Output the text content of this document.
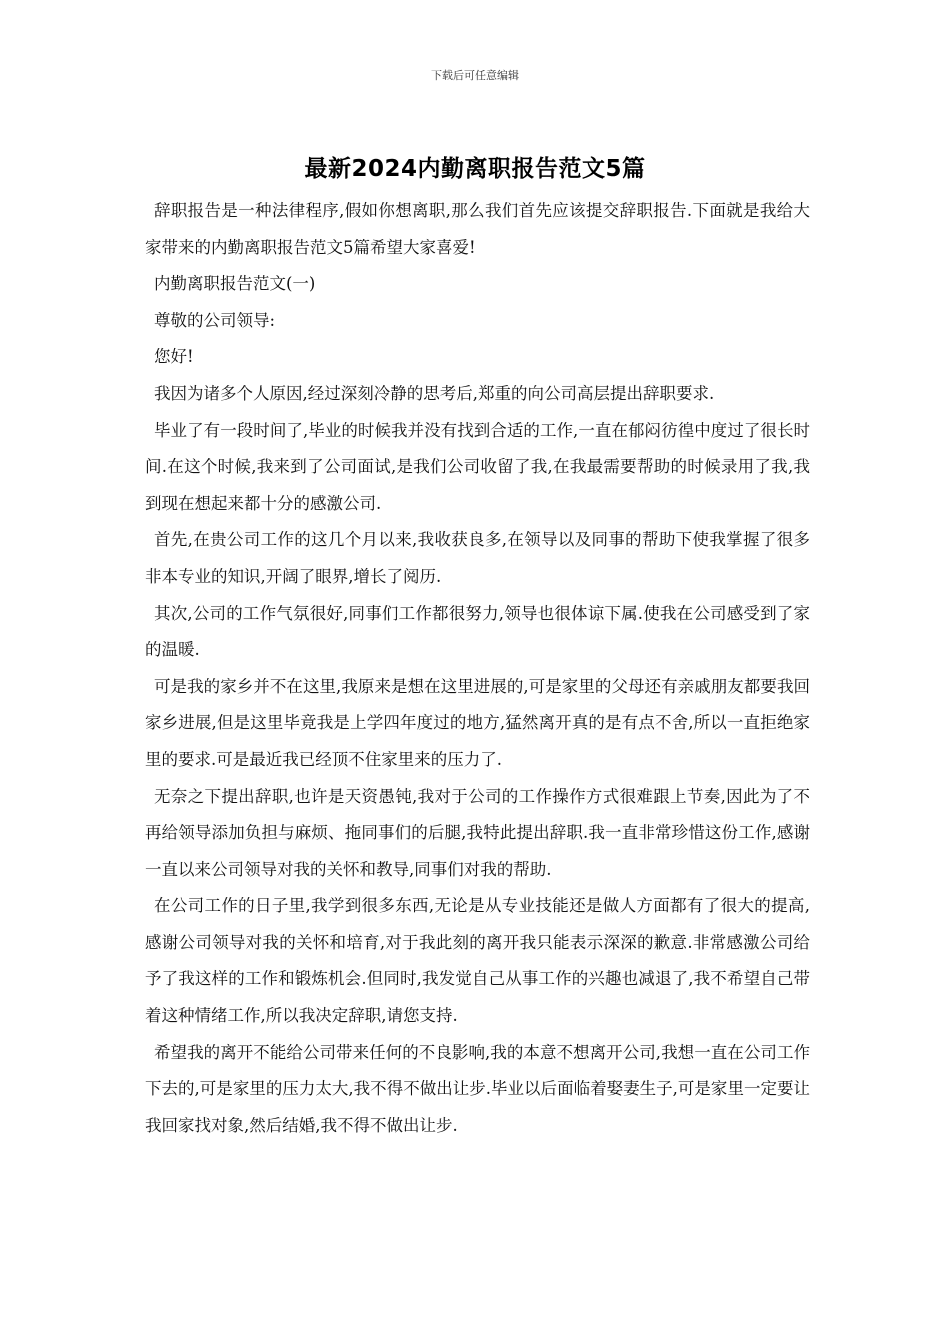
下载后可任意编辑
最新2024内勤离职报告范文5篇

辞职报告是一种法律程序,假如你想离职,那么我们首先应该提交辞职报告.下面就是我给大家带来的内勤离职报告范文5篇希望大家喜爱!

内勤离职报告范文(一)

尊敬的公司领导:

您好!

我因为诸多个人原因,经过深刻冷静的思考后,郑重的向公司高层提出辞职要求.

毕业了有一段时间了,毕业的时候我并没有找到合适的工作,一直在郁闷彷徨中度过了很长时间.在这个时候,我来到了公司面试,是我们公司收留了我,在我最需要帮助的时候录用了我,我到现在想起来都十分的感激公司.

首先,在贵公司工作的这几个月以来,我收获良多,在领导以及同事的帮助下使我掌握了很多非本专业的知识,开阔了眼界,增长了阅历.

其次,公司的工作气氛很好,同事们工作都很努力,领导也很体谅下属.使我在公司感受到了家的温暖.

可是我的家乡并不在这里,我原来是想在这里进展的,可是家里的父母还有亲戚朋友都要我回家乡进展,但是这里毕竟我是上学四年度过的地方,猛然离开真的是有点不舍,所以一直拒绝家里的要求.可是最近我已经顶不住家里来的压力了.

无奈之下提出辞职,也许是天资愚钝,我对于公司的工作操作方式很难跟上节奏,因此为了不再给领导添加负担与麻烦、拖同事们的后腿,我特此提出辞职.我一直非常珍惜这份工作,感谢一直以来公司领导对我的关怀和教导,同事们对我的帮助.

在公司工作的日子里,我学到很多东西,无论是从专业技能还是做人方面都有了很大的提高,感谢公司领导对我的关怀和培育,对于我此刻的离开我只能表示深深的歉意.非常感激公司给予了我这样的工作和锻炼机会.但同时,我发觉自己从事工作的兴趣也减退了,我不希望自己带着这种情绪工作,所以我决定辞职,请您支持.

希望我的离开不能给公司带来任何的不良影响,我的本意不想离开公司,我想一直在公司工作下去的,可是家里的压力太大,我不得不做出让步.毕业以后面临着娶妻生子,可是家里一定要让我回家找对象,然后结婚,我不得不做出让步.
